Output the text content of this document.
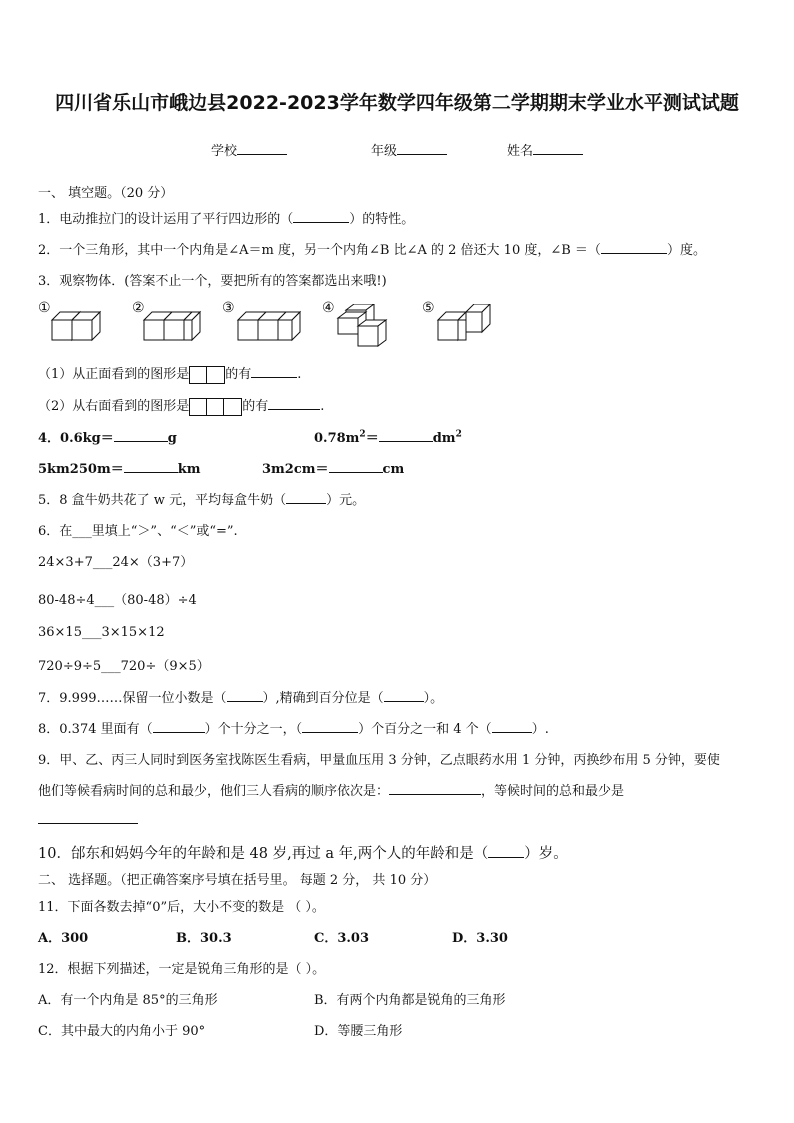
四川省乐山市峨边县2022-2023学年数学四年级第二学期期末学业水平测试试题
学校	年级	姓名
一、 填空题。（20 分）
1．电动推拉门的设计运用了平行四边形的（	）的特性。
2．一个三角形，其中一个内角是∠A＝m 度，另一个内角∠B 比∠A 的 2 倍还大 10 度，∠B ＝（	）度。
3．观察物体．(答案不止一个，要把所有的答案都选出来哦!)
①	②	③	④	⑤
（1）从正面看到的图形是	的有	.
（2）从右面看到的图形是	的有	.
4．0.6kg＝	g	$0.78m^2=$	$dm^2$
5km250m＝	km	3m2cm＝	cm
5．8 盒牛奶共花了 w 元，平均每盒牛奶（	）元。
6．在___里填上“＞”、“＜”或“=”.
24×3+7___24×（3+7）
80-48÷4___（80-48）÷4
36×15___3×15×12
720÷9÷5___720÷（9×5）
7．9.999……保留一位小数是（	）,精确到百分位是（	）。
8．0.374 里面有（	）个十分之一，（	）个百分之一和 4 个（	）.
9．甲、乙、丙三人同时到医务室找陈医生看病，甲量血压用 3 分钟，乙点眼药水用 1 分钟，丙换纱布用 5 分钟，要使
他们等候看病时间的总和最少，他们三人看病的顺序依次是：	，等候时间的总和最少是
10．邰东和妈妈今年的年龄和是 48 岁,再过 a 年,两个人的年龄和是（ ）岁。
二、 选择题。（把正确答案序号填在括号里。 每题 2 分， 共 10 分）
11．下面各数去掉“0”后，大小不变的数是 （ ）。
A．300	B．30.3	C．3.03	D．3.30
12．根据下列描述，一定是锐角三角形的是（ ）。
A．有一个内角是 85°的三角形	B．有两个内角都是锐角的三角形
C．其中最大的内角小于 90°	D．等腰三角形
